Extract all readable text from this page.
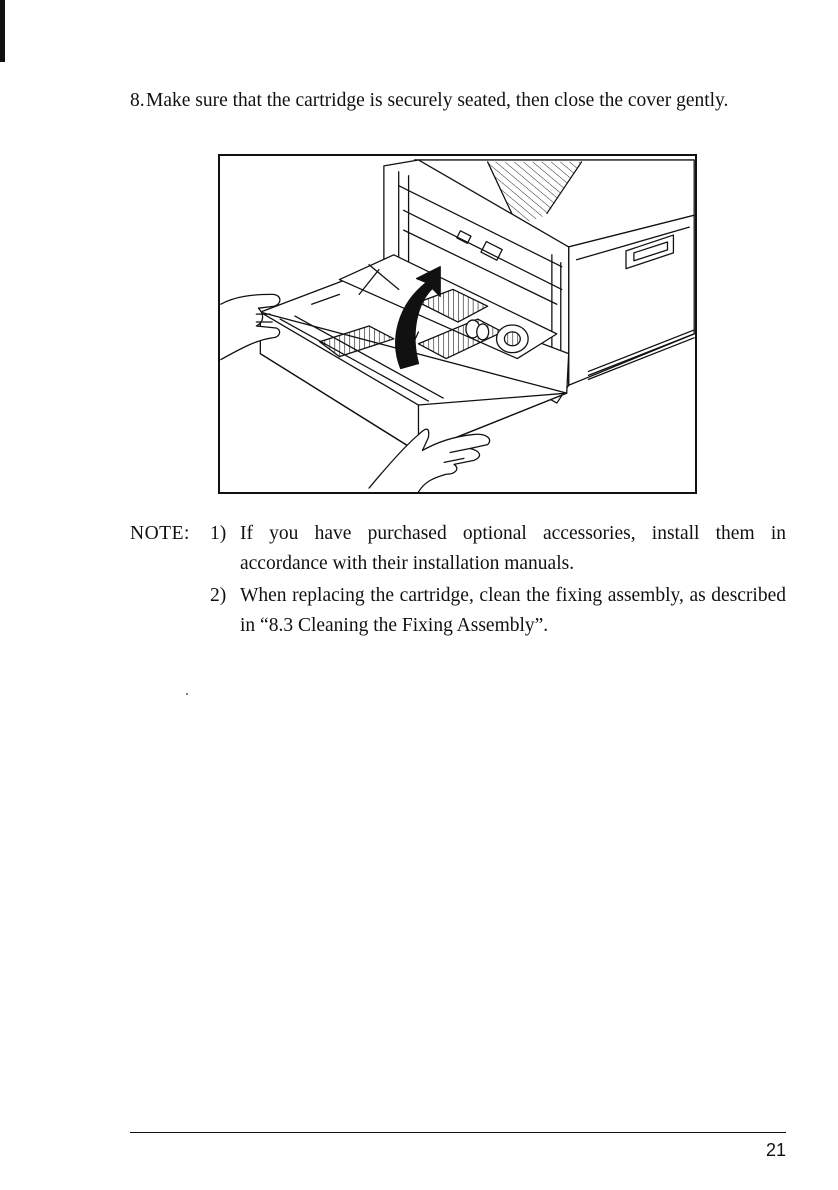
8. Make sure that the cartridge is securely seated, then close the cover gently.
NOTE: 1) If you have purchased optional accessories, install them in accordance with their installation manuals.
2) When replacing the cartridge, clean the fixing assembly, as described in “8.3 Cleaning the Fixing Assembly”.
21
